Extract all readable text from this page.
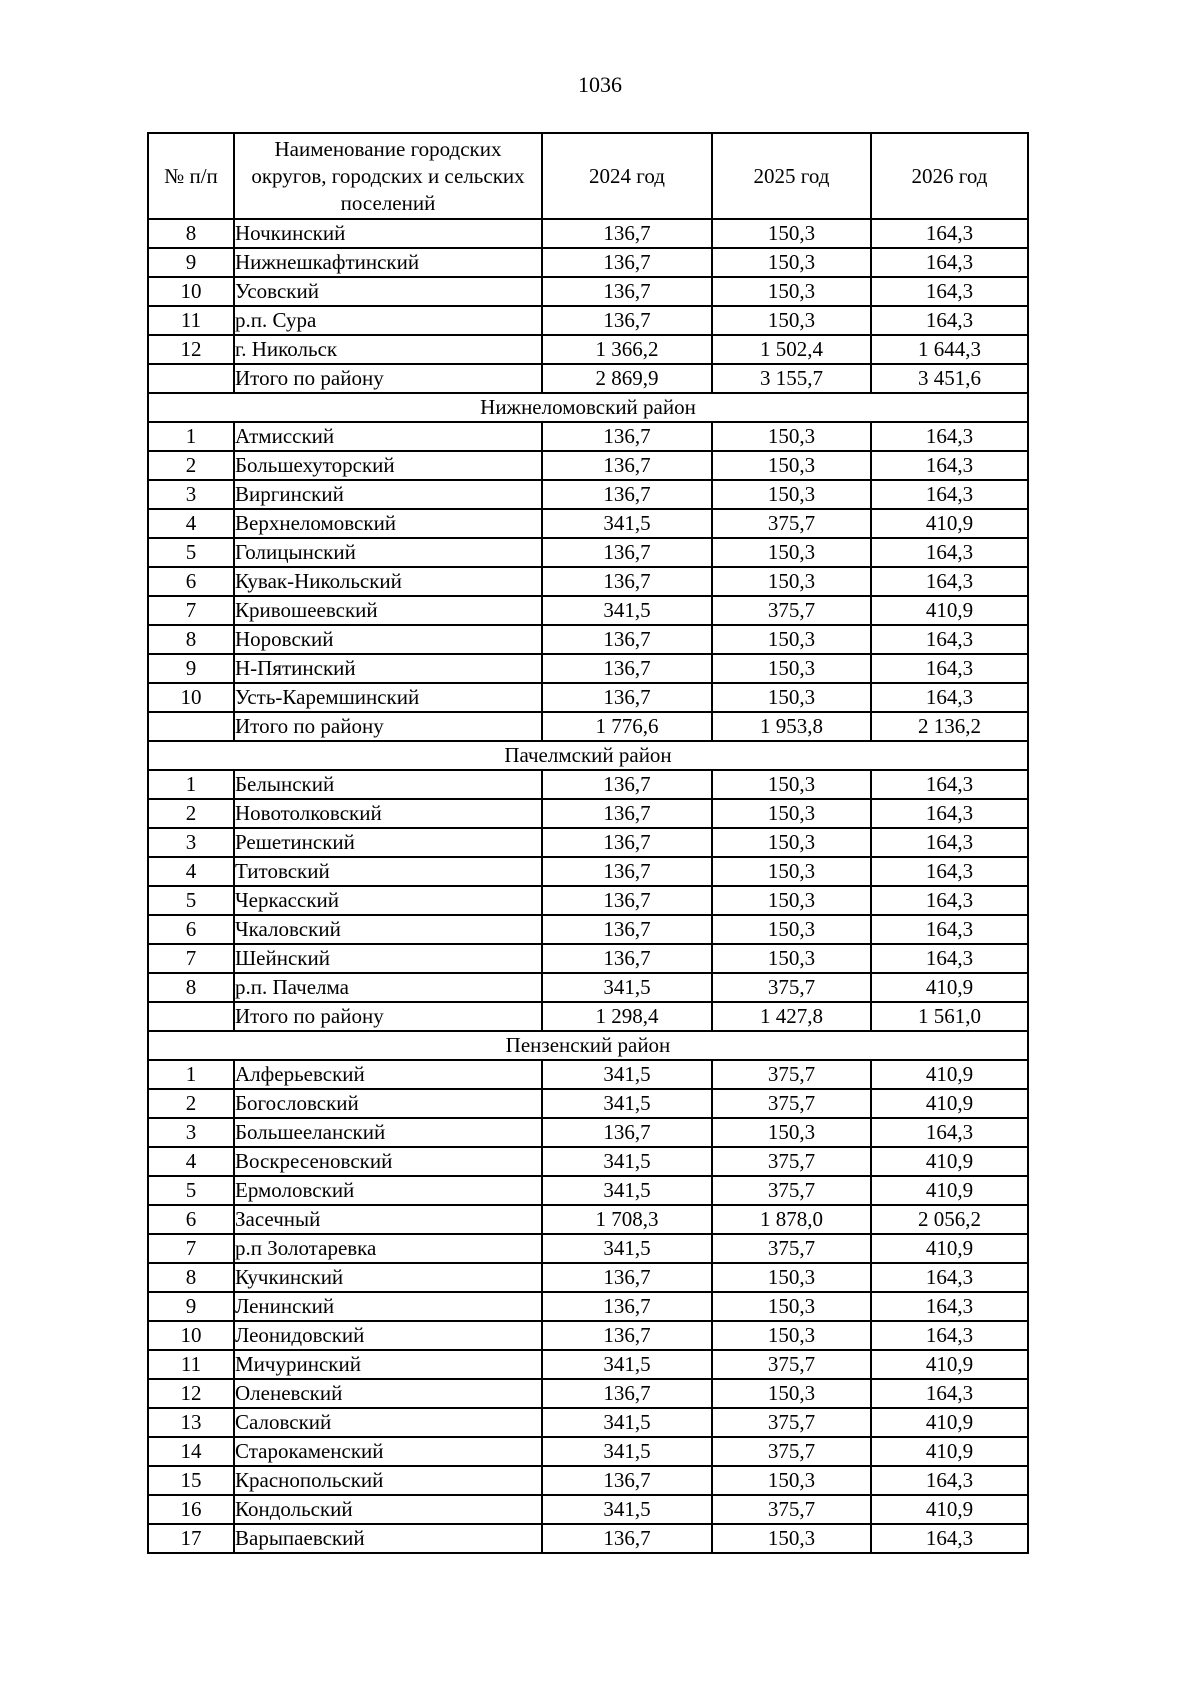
1036
№ п/п	Наименование городских округов, городских и сельских поселений	2024 год	2025 год	2026 год
8	Ночкинский	136,7	150,3	164,3
9	Нижнешкафтинский	136,7	150,3	164,3
10	Усовский	136,7	150,3	164,3
11	р.п. Сура	136,7	150,3	164,3
12	г. Никольск	1 366,2	1 502,4	1 644,3
	Итого по району	2 869,9	3 155,7	3 451,6
Нижнеломовский район				
1	Атмисский	136,7	150,3	164,3
2	Большехуторский	136,7	150,3	164,3
3	Виргинский	136,7	150,3	164,3
4	Верхнеломовский	341,5	375,7	410,9
5	Голицынский	136,7	150,3	164,3
6	Кувак-Никольский	136,7	150,3	164,3
7	Кривошеевский	341,5	375,7	410,9
8	Норовский	136,7	150,3	164,3
9	Н-Пятинский	136,7	150,3	164,3
10	Усть-Каремшинский	136,7	150,3	164,3
	Итого по району	1 776,6	1 953,8	2 136,2
Пачелмский район				
1	Белынский	136,7	150,3	164,3
2	Новотолковский	136,7	150,3	164,3
3	Решетинский	136,7	150,3	164,3
4	Титовский	136,7	150,3	164,3
5	Черкасский	136,7	150,3	164,3
6	Чкаловский	136,7	150,3	164,3
7	Шейнский	136,7	150,3	164,3
8	р.п. Пачелма	341,5	375,7	410,9
	Итого по району	1 298,4	1 427,8	1 561,0
Пензенский район				
1	Алферьевский	341,5	375,7	410,9
2	Богословский	341,5	375,7	410,9
3	Большееланский	136,7	150,3	164,3
4	Воскресеновский	341,5	375,7	410,9
5	Ермоловский	341,5	375,7	410,9
6	Засечный	1 708,3	1 878,0	2 056,2
7	р.п Золотаревка	341,5	375,7	410,9
8	Кучкинский	136,7	150,3	164,3
9	Ленинский	136,7	150,3	164,3
10	Леонидовский	136,7	150,3	164,3
11	Мичуринский	341,5	375,7	410,9
12	Оленевский	136,7	150,3	164,3
13	Саловский	341,5	375,7	410,9
14	Старокаменский	341,5	375,7	410,9
15	Краснопольский	136,7	150,3	164,3
16	Кондольский	341,5	375,7	410,9
17	Варыпаевский	136,7	150,3	164,3
